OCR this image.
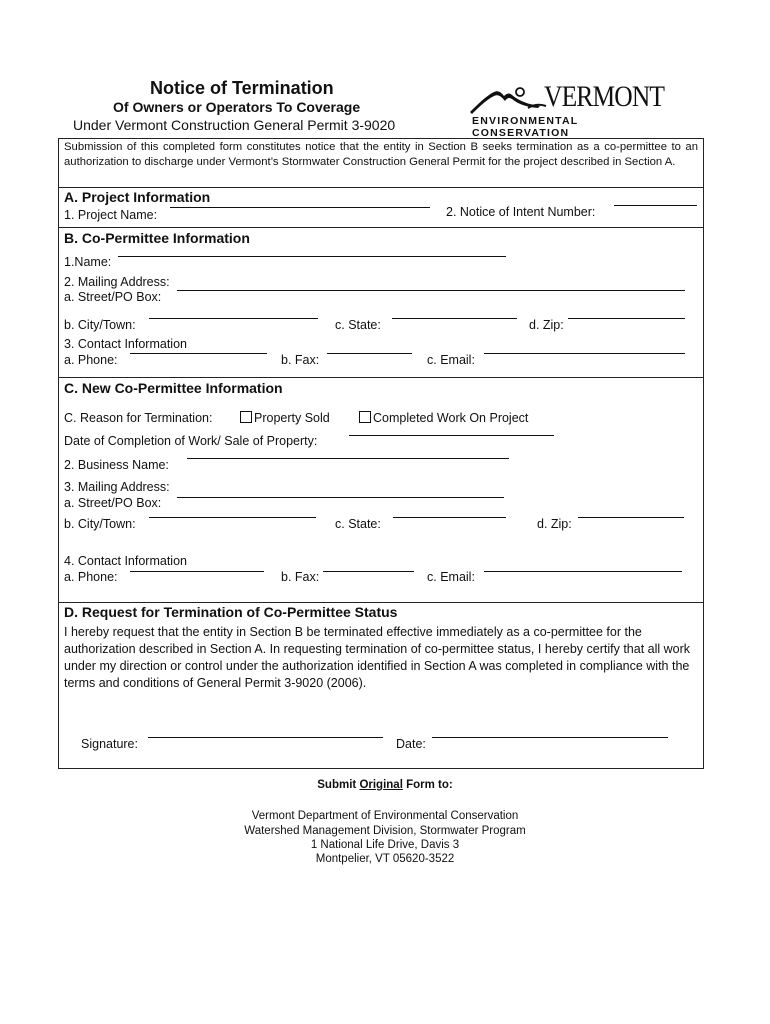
Notice of Termination
Of Owners or Operators To Coverage
Under Vermont Construction General Permit 3-9020
VERMONT
ENVIRONMENTAL CONSERVATION
Submission of this completed form constitutes notice that the entity in Section B seeks termination as a co-permittee to an authorization to discharge under Vermont’s Stormwater Construction General Permit for the project described in Section A.
A. Project Information
1. Project Name:	2. Notice of Intent Number:
B. Co-Permittee Information
1.Name:
2. Mailing Address:
a. Street/PO Box:
b. City/Town:	c. State:	d. Zip:
3. Contact Information
a. Phone:	b. Fax:	c. Email:
C. New Co-Permittee Information
C. Reason for Termination:	Property Sold	Completed Work On Project
Date of Completion of Work/ Sale of Property:
2. Business Name:
3. Mailing Address:
a. Street/PO Box:
b. City/Town:	c. State:	d. Zip:
4. Contact Information
a. Phone:	b. Fax:	c. Email:
D. Request for Termination of Co-Permittee Status
I hereby request that the entity in Section B be terminated effective immediately as a co-permittee for the authorization described in Section A. In requesting termination of co-permittee status, I hereby certify that all work under my direction or control under the authorization identified in Section A was completed in compliance with the terms and conditions of General Permit 3-9020 (2006).
Signature:	Date:
Submit Original Form to:
Vermont Department of Environmental Conservation
Watershed Management Division, Stormwater Program
1 National Life Drive, Davis 3
Montpelier, VT 05620-3522
